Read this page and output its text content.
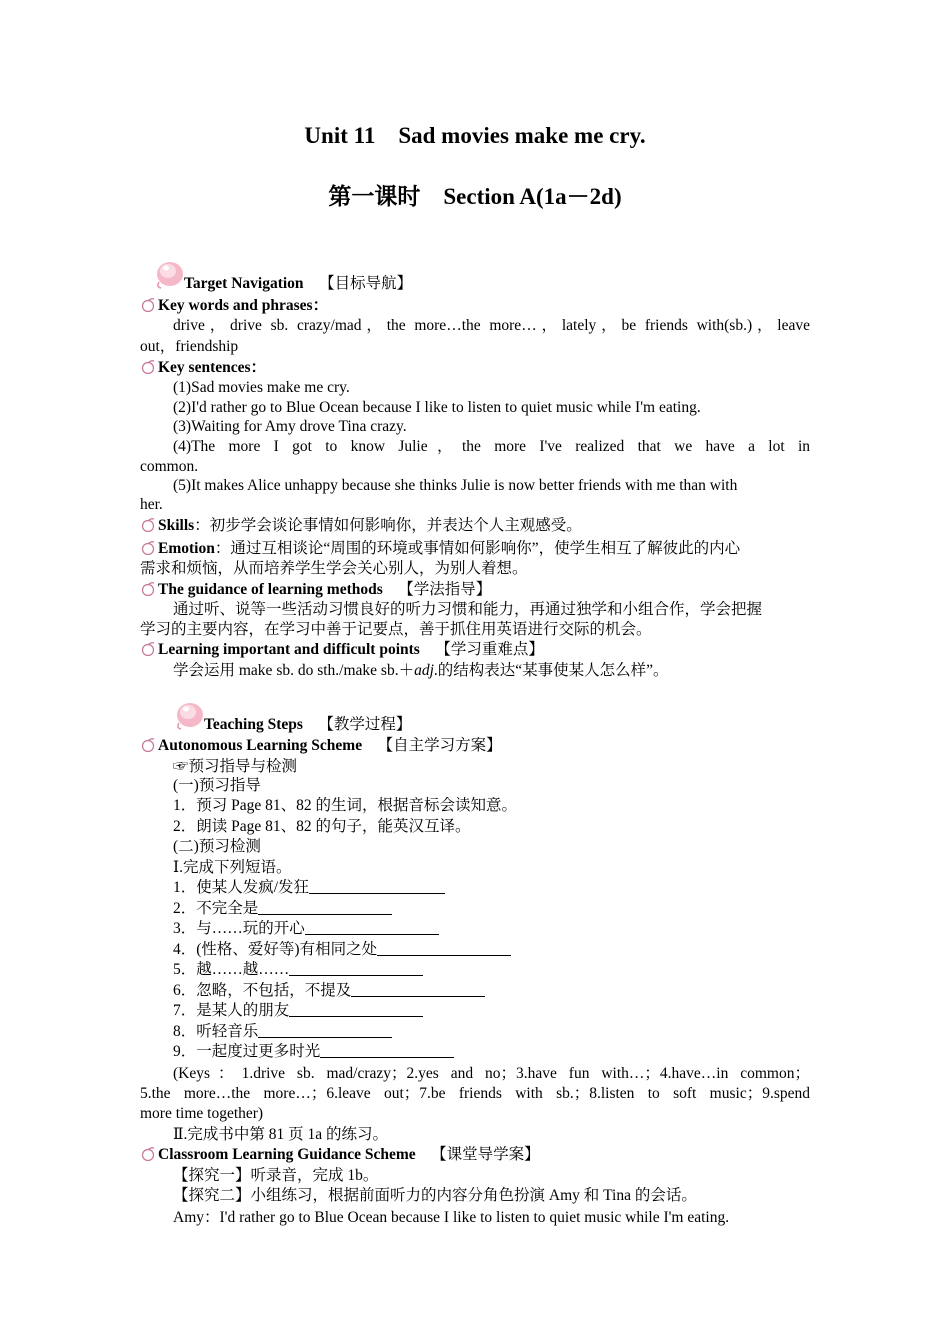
Unit 11　Sad movies make me cry.
第一课时　Section A(1a－2d)
Target Navigation 【目标导航】
Key words and phrases：
drive，drive sb. crazy/mad，the more…the more…，lately，be friends with(sb.)，leave
out，friendship
Key sentences：
(1)Sad movies make me cry.
(2)I'd rather go to Blue Ocean because I like to listen to quiet music while I'm eating.
(3)Waiting for Amy drove Tina crazy.
(4)The more I got to know Julie，the more I've realized that we have a lot in
common.
(5)It makes Alice unhappy because she thinks Julie is now better friends with me than with
her.
Skills：初步学会谈论事情如何影响你，并表达个人主观感受。
Emotion：通过互相谈论“周围的环境或事情如何影响你”，使学生相互了解彼此的内心
需求和烦恼，从而培养学生学会关心别人，为别人着想。
The guidance of learning methods 【学法指导】
通过听、说等一些活动习惯良好的听力习惯和能力，再通过独学和小组合作，学会把握
学习的主要内容，在学习中善于记要点，善于抓住用英语进行交际的机会。
Learning important and difficult points 【学习重难点】
学会运用 make sb. do sth./make sb.＋adj.的结构表达“某事使某人怎么样”。
Teaching Steps 【教学过程】
Autonomous Learning Scheme 【自主学习方案】
☞预习指导与检测
(一)预习指导
1．预习 Page 81、82 的生词，根据音标会读知意。
2．朗读 Page 81、82 的句子，能英汉互译。
(二)预习检测
Ⅰ.完成下列短语。
1．使某人发疯/发狂
2．不完全是
3．与……玩的开心
4．(性格、爱好等)有相同之处
5．越……越……
6．忽略，不包括，不提及
7．是某人的朋友
8．听轻音乐
9．一起度过更多时光
(Keys：1.drive sb. mad/crazy；2.yes and no；3.have fun with…；4.have…in common；
5.the more…the more…；6.leave out；7.be friends with sb.；8.listen to soft music；9.spend
more time together)
Ⅱ.完成书中第 81 页 1a 的练习。
Classroom Learning Guidance Scheme 【课堂导学案】
【探究一】听录音，完成 1b。
【探究二】小组练习，根据前面听力的内容分角色扮演 Amy 和 Tina 的会话。
Amy：I'd rather go to Blue Ocean because I like to listen to quiet music while I'm eating.
